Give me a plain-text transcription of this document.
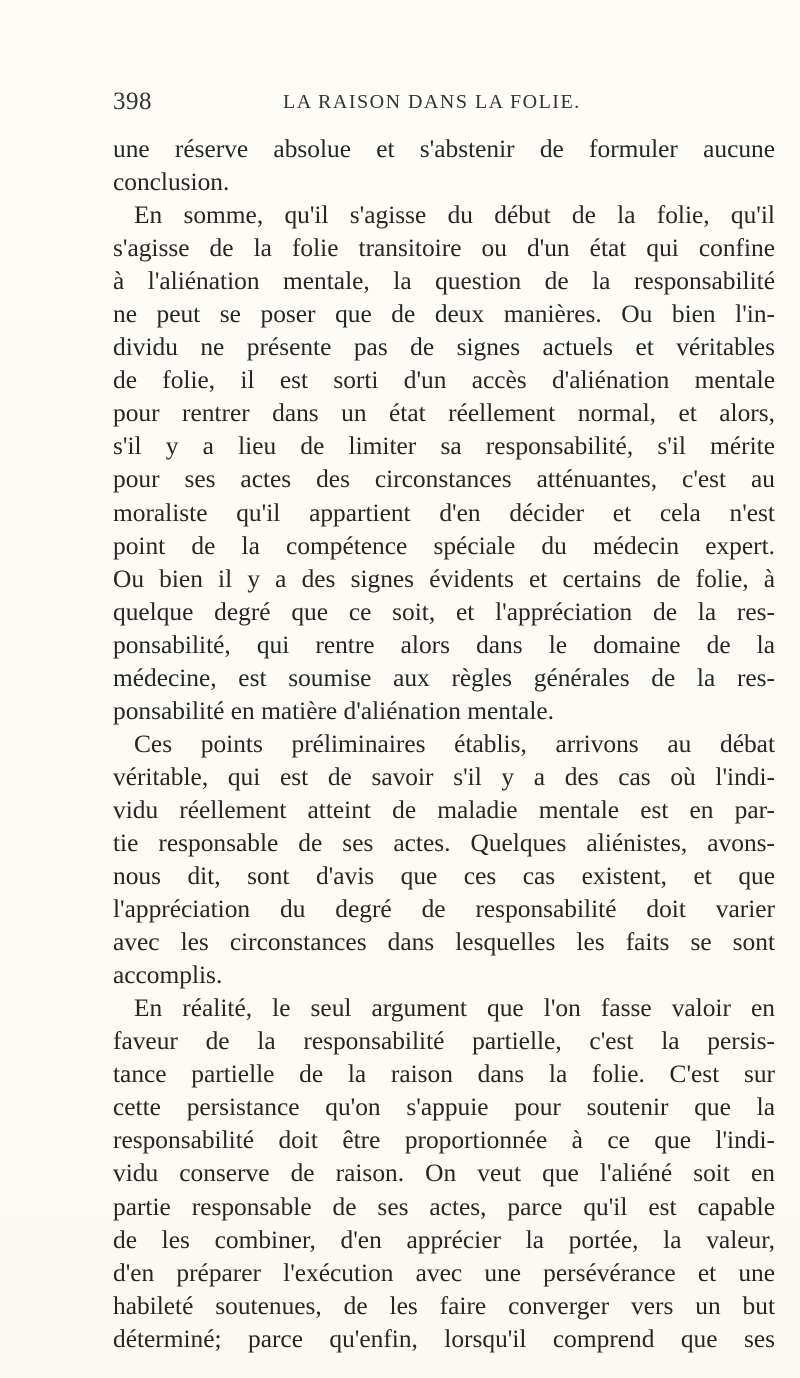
398	LA RAISON DANS LA FOLIE.
une réserve absolue et s'abstenir de formuler aucune
conclusion.
En somme, qu'il s'agisse du début de la folie, qu'il
s'agisse de la folie transitoire ou d'un état qui confine
à l'aliénation mentale, la question de la responsabilité
ne peut se poser que de deux manières. Ou bien l'in-
dividu ne présente pas de signes actuels et véritables
de folie, il est sorti d'un accès d'aliénation mentale
pour rentrer dans un état réellement normal, et alors,
s'il y a lieu de limiter sa responsabilité, s'il mérite
pour ses actes des circonstances atténuantes, c'est au
moraliste qu'il appartient d'en décider et cela n'est
point de la compétence spéciale du médecin expert.
Ou bien il y a des signes évidents et certains de folie, à
quelque degré que ce soit, et l'appréciation de la res-
ponsabilité, qui rentre alors dans le domaine de la
médecine, est soumise aux règles générales de la res-
ponsabilité en matière d'aliénation mentale.
Ces points préliminaires établis, arrivons au débat
véritable, qui est de savoir s'il y a des cas où l'indi-
vidu réellement atteint de maladie mentale est en par-
tie responsable de ses actes. Quelques aliénistes, avons-
nous dit, sont d'avis que ces cas existent, et que
l'appréciation du degré de responsabilité doit varier
avec les circonstances dans lesquelles les faits se sont
accomplis.
En réalité, le seul argument que l'on fasse valoir en
faveur de la responsabilité partielle, c'est la persis-
tance partielle de la raison dans la folie. C'est sur
cette persistance qu'on s'appuie pour soutenir que la
responsabilité doit être proportionnée à ce que l'indi-
vidu conserve de raison. On veut que l'aliéné soit en
partie responsable de ses actes, parce qu'il est capable
de les combiner, d'en apprécier la portée, la valeur,
d'en préparer l'exécution avec une persévérance et une
habileté soutenues, de les faire converger vers un but
déterminé; parce qu'enfin, lorsqu'il comprend que ses
